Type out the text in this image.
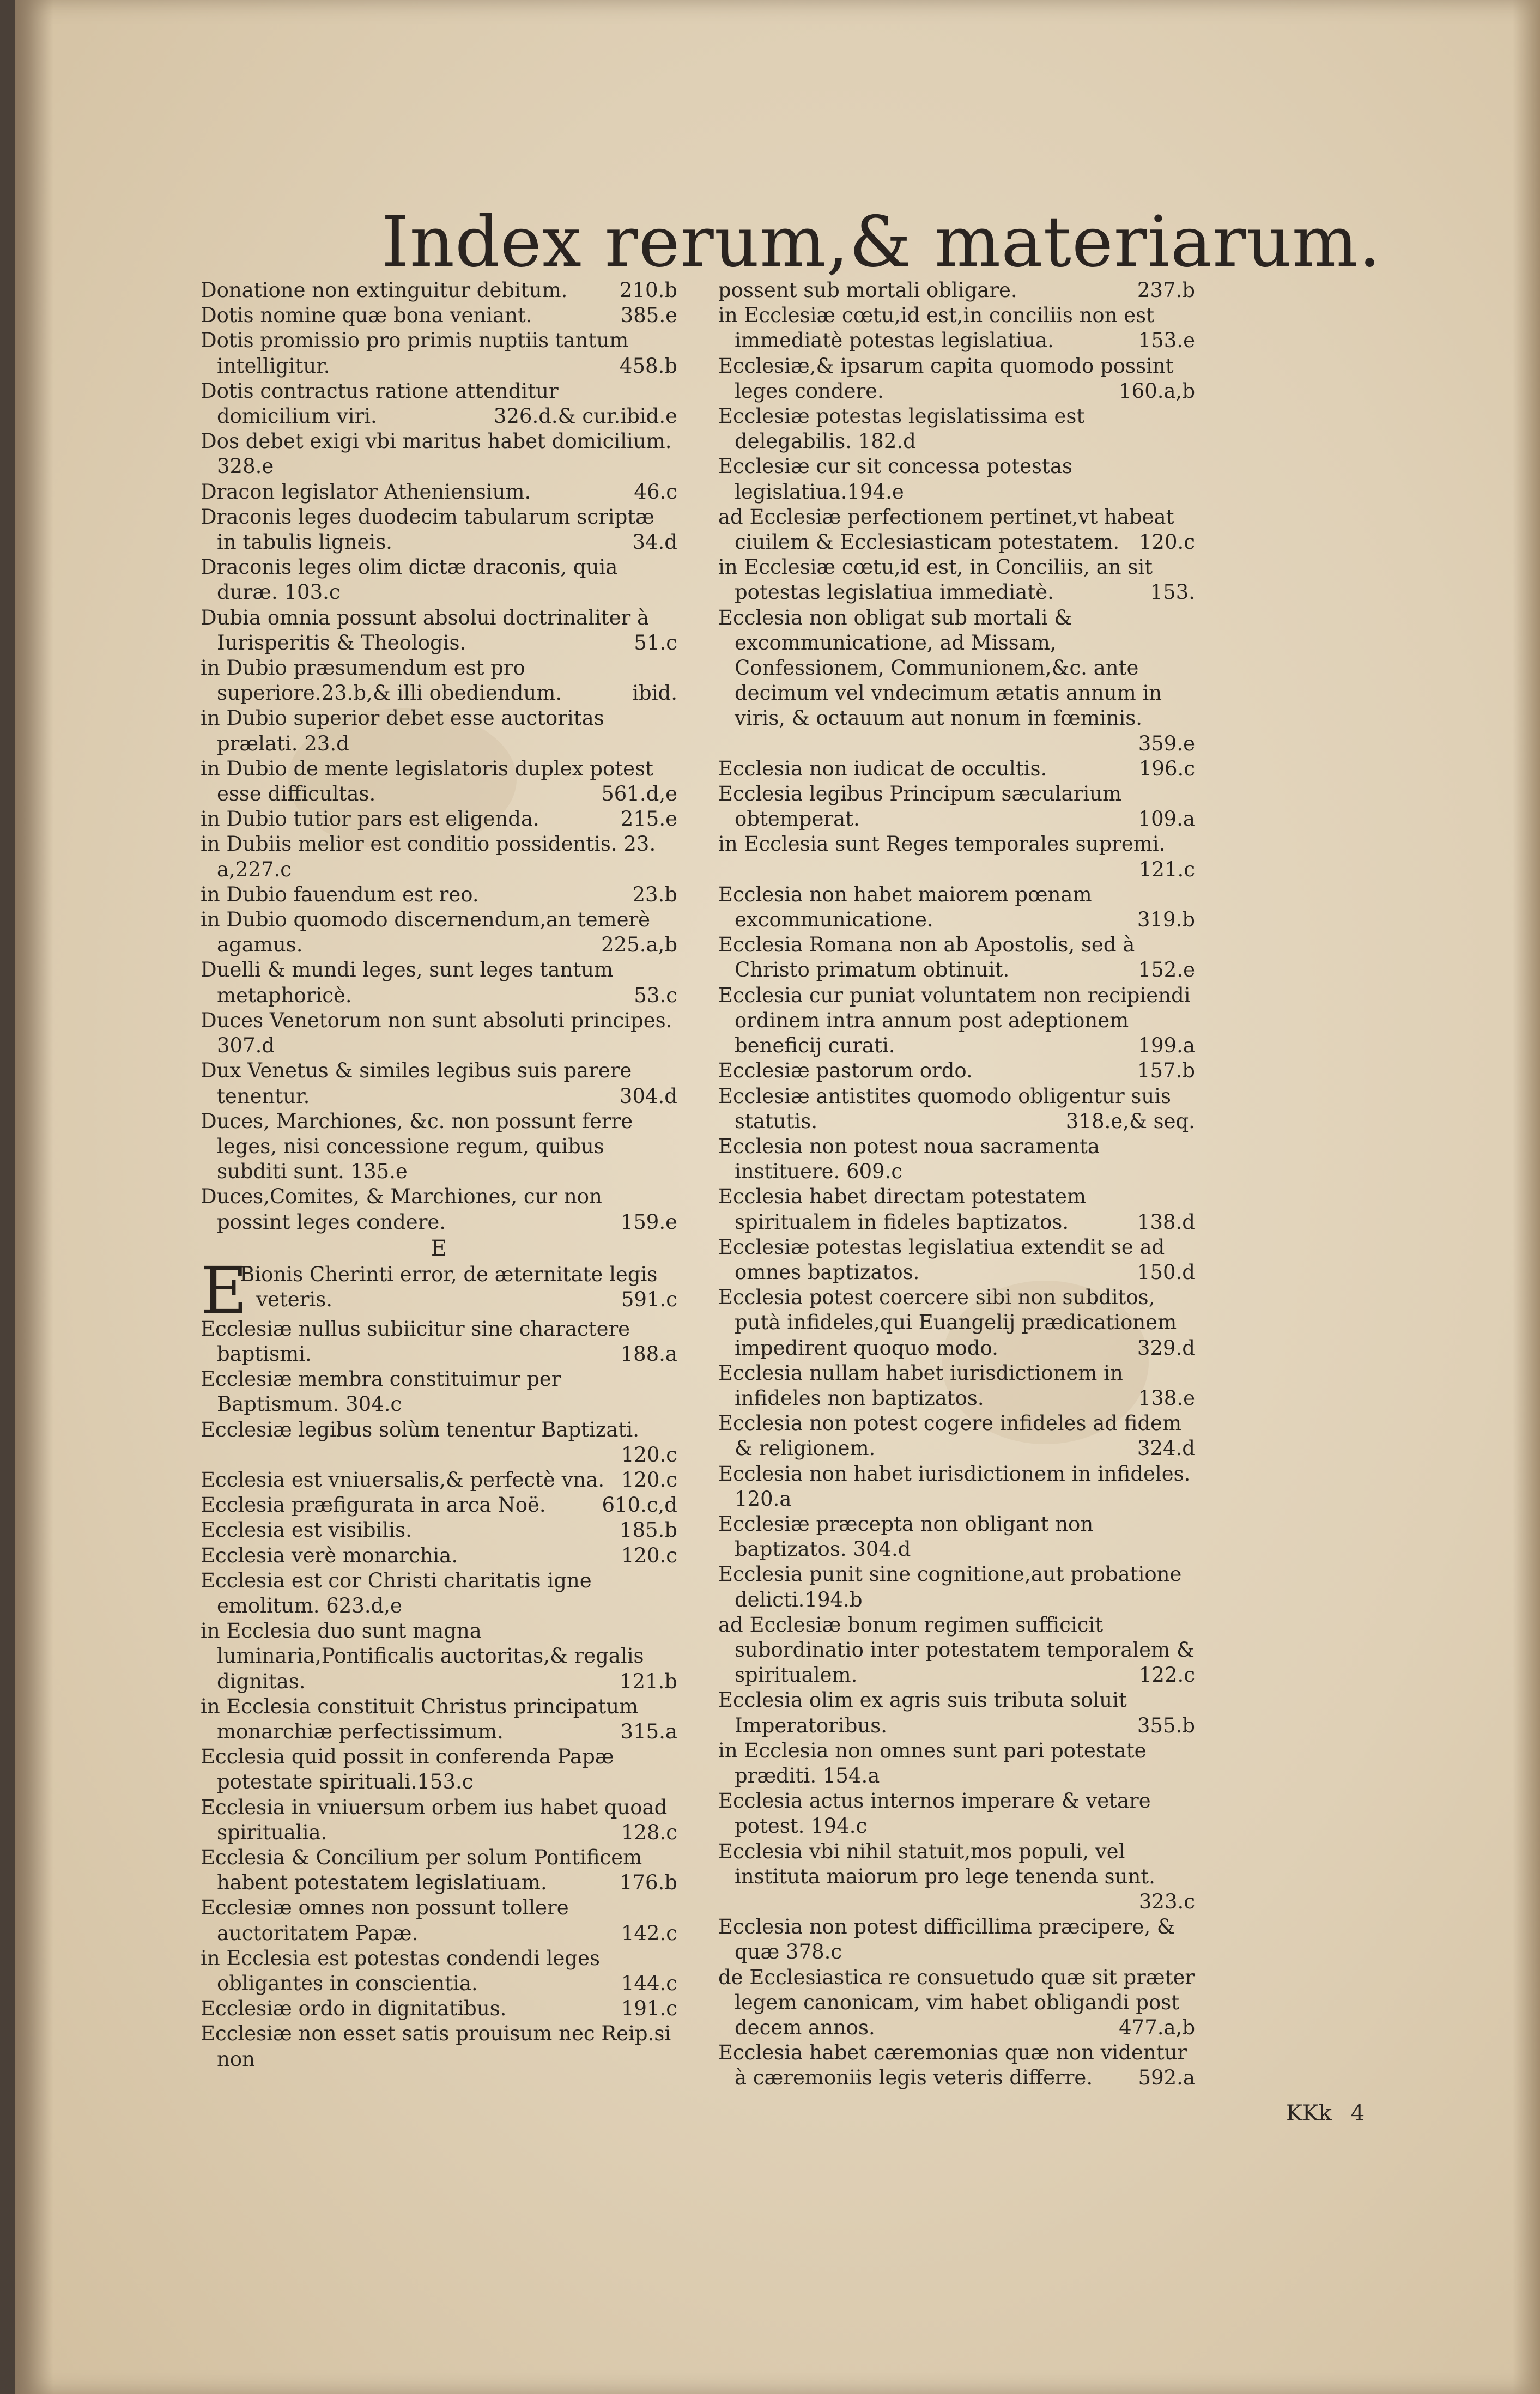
Index rerum,& materiarum.

Donatione non extinguitur debitum.	210.b

Dotis nomine quæ bona veniant.	385.e

Dotis promissio pro primis nuptiis tantum intelligitur.	458.b

Dotis contractus ratione attenditur domicilium viri.	326.d.& cur.ibid.e

Dos debet exigi vbi maritus habet domicilium. 328.e

Dracon legislator Atheniensium.	46.c

Draconis leges duodecim tabularum scriptæ in tabulis ligneis.	34.d

Draconis leges olim dictæ draconis, quia duræ. 103.c

Dubia omnia possunt absolui doctrinaliter à Iurisperitis & Theologis.	51.c

in Dubio præsumendum est pro superiore.23.b,& illi obediendum.	ibid.

in Dubio superior debet esse auctoritas prælati. 23.d

in Dubio de mente legislatoris duplex potest esse difficultas.	561.d,e

in Dubio tutior pars est eligenda.	215.e

in Dubiis melior est conditio possidentis. 23. a,227.c

in Dubio fauendum est reo.	23.b

in Dubio quomodo discernendum,an temerè agamus.	225.a,b

Duelli & mundi leges, sunt leges tantum metaphoricè.	53.c

Duces Venetorum non sunt absoluti principes. 307.d

Dux Venetus & similes legibus suis parere tenentur.	304.d

Duces, Marchiones, &c. non possunt ferre leges, nisi concessione regum, quibus subditi sunt. 135.e

Duces,Comites, & Marchiones, cur non possint leges condere.	159.e

E

E
Bionis Cherinti error, de æternitate legis veteris.	591.c

Ecclesiæ nullus subiicitur sine charactere baptismi.	188.a

Ecclesiæ membra constituimur per Baptismum. 304.c

Ecclesiæ legibus solùm tenentur Baptizati.
120.c

Ecclesia est vniuersalis,& perfectè vna. 120.c

Ecclesia præfigurata in arca Noë.	610.c,d

Ecclesia est visibilis.	185.b

Ecclesia verè monarchia.	120.c

Ecclesia est cor Christi charitatis igne emolitum. 623.d,e

in Ecclesia duo sunt magna luminaria,Pontificalis auctoritas,& regalis dignitas.	121.b

in Ecclesia constituit Christus principatum monarchiæ perfectissimum.	315.a

Ecclesia quid possit in conferenda Papæ potestate spirituali.153.c

Ecclesia in vniuersum orbem ius habet quoad spiritualia.	128.c

Ecclesia & Concilium per solum Pontificem habent potestatem legislatiuam.	176.b

Ecclesiæ omnes non possunt tollere auctoritatem Papæ.	142.c

in Ecclesia est potestas condendi leges obligantes in conscientia.	144.c

Ecclesiæ ordo in dignitatibus.	191.c

Ecclesiæ non esset satis prouisum nec Reip.si non

possent sub mortali obligare.	237.b

in Ecclesiæ cœtu,id est,in conciliis non est immediatè potestas legislatiua.	153.e

Ecclesiæ,& ipsarum capita quomodo possint leges condere.	160.a,b

Ecclesiæ potestas legislatissima est delegabilis. 182.d

Ecclesiæ cur sit concessa potestas legislatiua.194.e

ad Ecclesiæ perfectionem pertinet,vt habeat ciuilem & Ecclesiasticam potestatem. 120.c

in Ecclesiæ cœtu,id est, in Conciliis, an sit potestas legislatiua immediatè.	153.

Ecclesia non obligat sub mortali & excommunicatione, ad Missam, Confessionem, Communionem,&c. ante decimum vel vndecimum ætatis annum in viris, & octauum aut nonum in fœminis.
359.e

Ecclesia non iudicat de occultis.	196.c

Ecclesia legibus Principum sæcularium obtemperat.	109.a

in Ecclesia sunt Reges temporales supremi.
121.c

Ecclesia non habet maiorem pœnam excommunicatione.	319.b

Ecclesia Romana non ab Apostolis, sed à Christo primatum obtinuit.	152.e

Ecclesia cur puniat voluntatem non recipiendi ordinem intra annum post adeptionem beneficij curati.	199.a

Ecclesiæ pastorum ordo.	157.b

Ecclesiæ antistites quomodo obligentur suis statutis.	318.e,& seq.

Ecclesia non potest noua sacramenta instituere. 609.c

Ecclesia habet directam potestatem spiritualem in fideles baptizatos.	138.d

Ecclesiæ potestas legislatiua extendit se ad omnes baptizatos.	150.d

Ecclesia potest coercere sibi non subditos, putà infideles,qui Euangelij prædicationem impedirent quoquo modo.	329.d

Ecclesia nullam habet iurisdictionem in infideles non baptizatos.	138.e

Ecclesia non potest cogere infideles ad fidem & religionem.	324.d

Ecclesia non habet iurisdictionem in infideles. 120.a

Ecclesiæ præcepta non obligant non baptizatos. 304.d

Ecclesia punit sine cognitione,aut probatione delicti.194.b

ad Ecclesiæ bonum regimen sufficicit subordinatio inter potestatem temporalem & spiritualem.	122.c

Ecclesia olim ex agris suis tributa soluit Imperatoribus.	355.b

in Ecclesia non omnes sunt pari potestate præditi. 154.a

Ecclesia actus internos imperare & vetare potest. 194.c

Ecclesia vbi nihil statuit,mos populi, vel instituta maiorum pro lege tenenda sunt.
323.c

Ecclesia non potest difficillima præcipere, & quæ 378.c

de Ecclesiastica re consuetudo quæ sit præter legem canonicam, vim habet obligandi post decem annos.	477.a,b

Ecclesia habet cæremonias quæ non videntur à cæremoniis legis veteris differre.	592.a

KKk 4
